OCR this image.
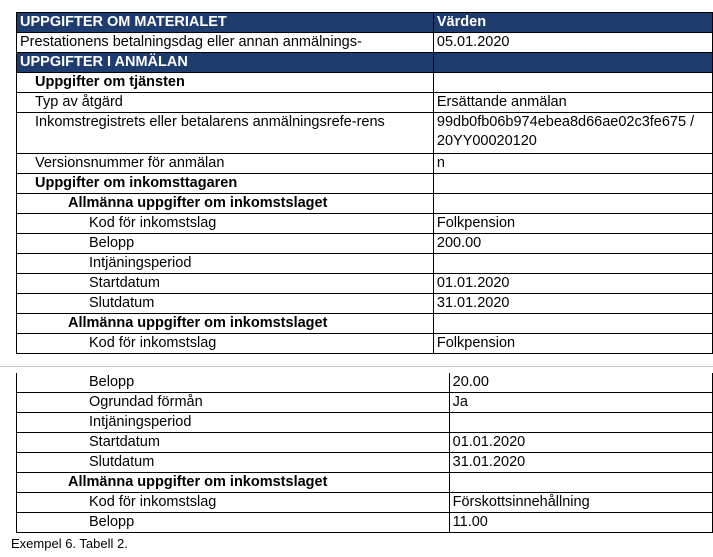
UPPGIFTER OM MATERIALET	Värden
Prestationens betalningsdag eller annan anmälnings-	05.01.2020
UPPGIFTER I ANMÄLAN	
Uppgifter om tjänsten	
Typ av åtgärd	Ersättande anmälan
Inkomstregistrets eller betalarens anmälningsrefe-rens	99db0fb06b974ebea8d66ae02c3fe675 / 20YY00020120
Versionsnummer för anmälan	n
Uppgifter om inkomsttagaren	
Allmänna uppgifter om inkomstslaget	
Kod för inkomstslag	Folkpension
Belopp	200.00
Intjäningsperiod	
Startdatum	01.01.2020
Slutdatum	31.01.2020
Allmänna uppgifter om inkomstslaget	
Kod för inkomstslag	Folkpension
Belopp	20.00
Ogrundad förmån	Ja
Intjäningsperiod	
Startdatum	01.01.2020
Slutdatum	31.01.2020
Allmänna uppgifter om inkomstslaget	
Kod för inkomstslag	Förskottsinnehållning
Belopp	11.00
Exempel 6. Tabell 2.
